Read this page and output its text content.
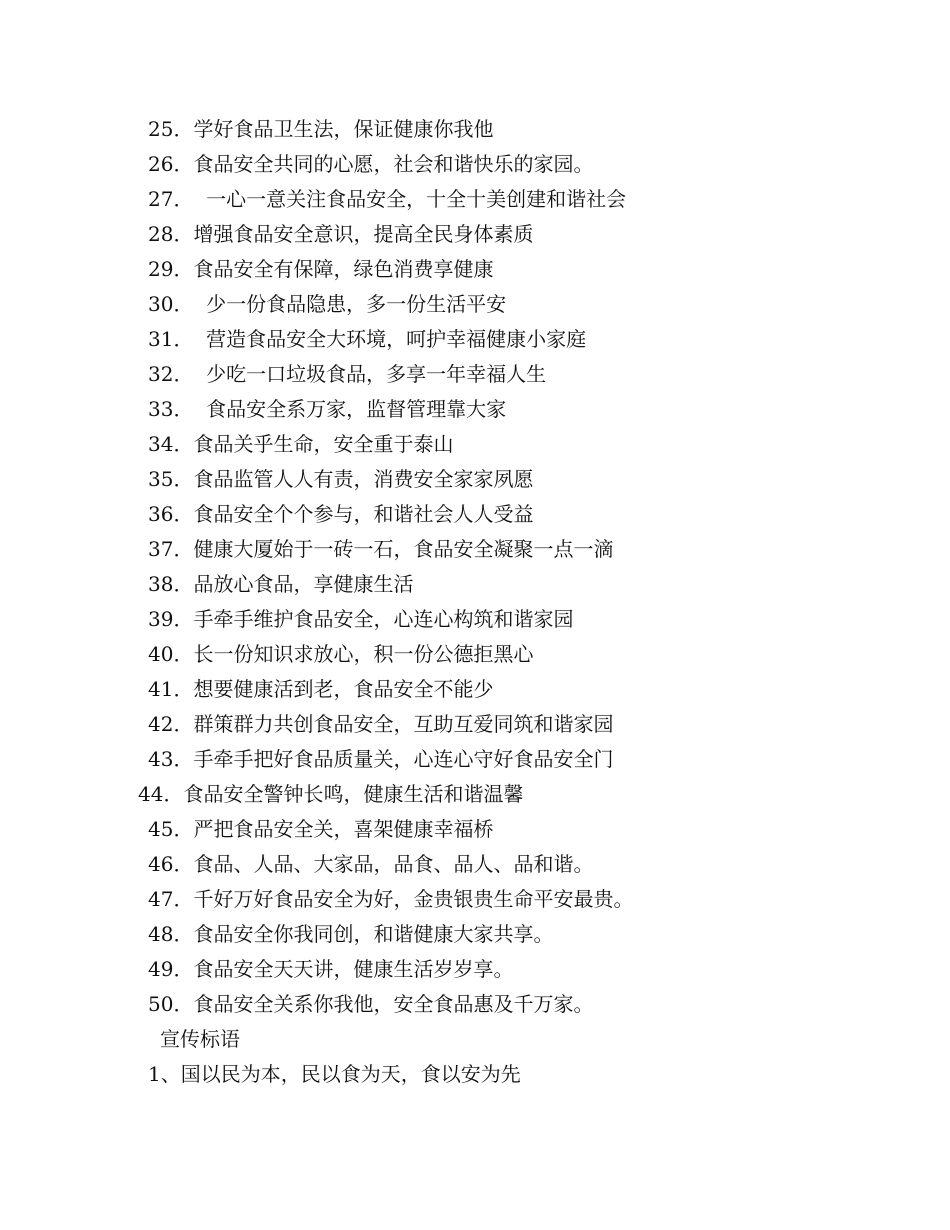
25．学好食品卫生法，保证健康你我他
26．食品安全共同的心愿，社会和谐快乐的家园。
27．  一心一意关注食品安全，十全十美创建和谐社会
28．增强食品安全意识，提高全民身体素质
29．食品安全有保障，绿色消费享健康
30．  少一份食品隐患，多一份生活平安
31．  营造食品安全大环境，呵护幸福健康小家庭
32．  少吃一口垃圾食品，多享一年幸福人生
33．  食品安全系万家，监督管理靠大家
34．食品关乎生命，安全重于泰山
35．食品监管人人有责，消费安全家家夙愿
36．食品安全个个参与，和谐社会人人受益
37．健康大厦始于一砖一石，食品安全凝聚一点一滴
38．品放心食品，享健康生活
39．手牵手维护食品安全，心连心构筑和谐家园
40．长一份知识求放心，积一份公德拒黑心
41．想要健康活到老，食品安全不能少
42．群策群力共创食品安全，互助互爱同筑和谐家园
43．手牵手把好食品质量关，心连心守好食品安全门
44．食品安全警钟长鸣，健康生活和谐温馨
45．严把食品安全关，喜架健康幸福桥
46．食品、人品、大家品，品食、品人、品和谐。
47．千好万好食品安全为好，金贵银贵生命平安最贵。
48．食品安全你我同创，和谐健康大家共享。
49．食品安全天天讲，健康生活岁岁享。
50．食品安全关系你我他，安全食品惠及千万家。
宣传标语
1、国以民为本，民以食为天，食以安为先
